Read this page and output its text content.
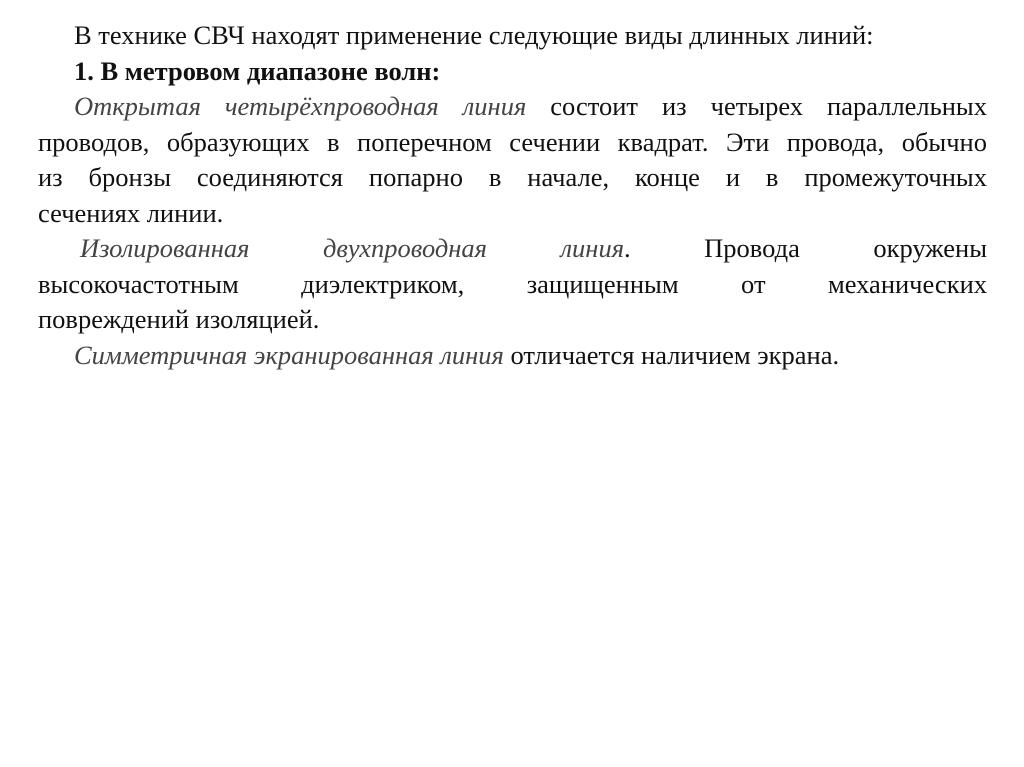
В технике СВЧ находят применение следующие виды длинных линий:
1. В метровом диапазоне волн:
Открытая четырёхпроводная линия состоит из четырех параллельных
проводов, образующих в поперечном сечении квадрат. Эти провода, обычно
из бронзы соединяются попарно в начале, конце и в промежуточных
сечениях линии.
Изолированная двухпроводная линия. Провода окружены
высокочастотным диэлектриком, защищенным от механических
повреждений изоляцией.
Симметричная экранированная линия отличается наличием экрана.
